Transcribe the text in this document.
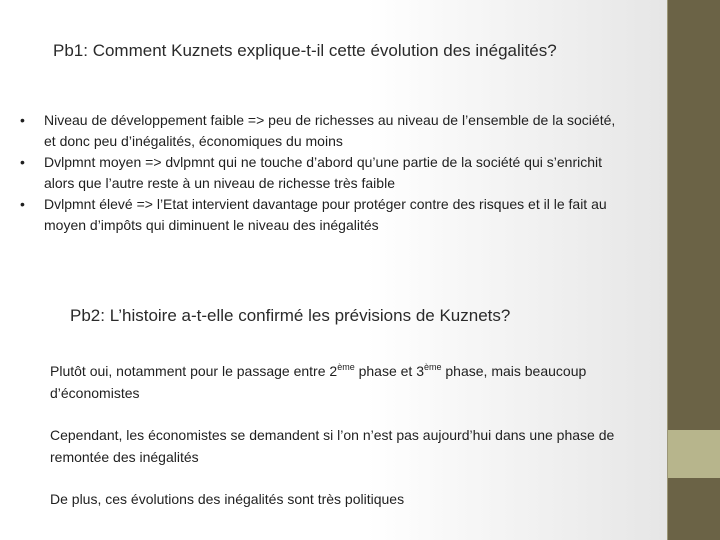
Pb1: Comment Kuznets explique-t-il cette évolution des inégalités?
•	Niveau de développement faible => peu de richesses au niveau de l’ensemble de la société, et donc peu d’inégalités, économiques du moins
•	Dvlpmnt moyen => dvlpmnt qui ne touche d’abord qu’une partie de la société qui s’enrichit alors que l’autre reste à un niveau de richesse très faible
•	Dvlpmnt élevé => l’Etat intervient davantage pour protéger contre des risques et il le fait au moyen d’impôts qui diminuent le niveau des inégalités
Pb2: L’histoire a-t-elle confirmé les prévisions de Kuznets?

Plutôt oui, notamment pour le passage entre 2ème phase et 3ème phase, mais beaucoup d’économistes

Cependant, les économistes se demandent si l’on n’est pas aujourd’hui dans une phase de remontée des inégalités

De plus, ces évolutions des inégalités sont très politiques
